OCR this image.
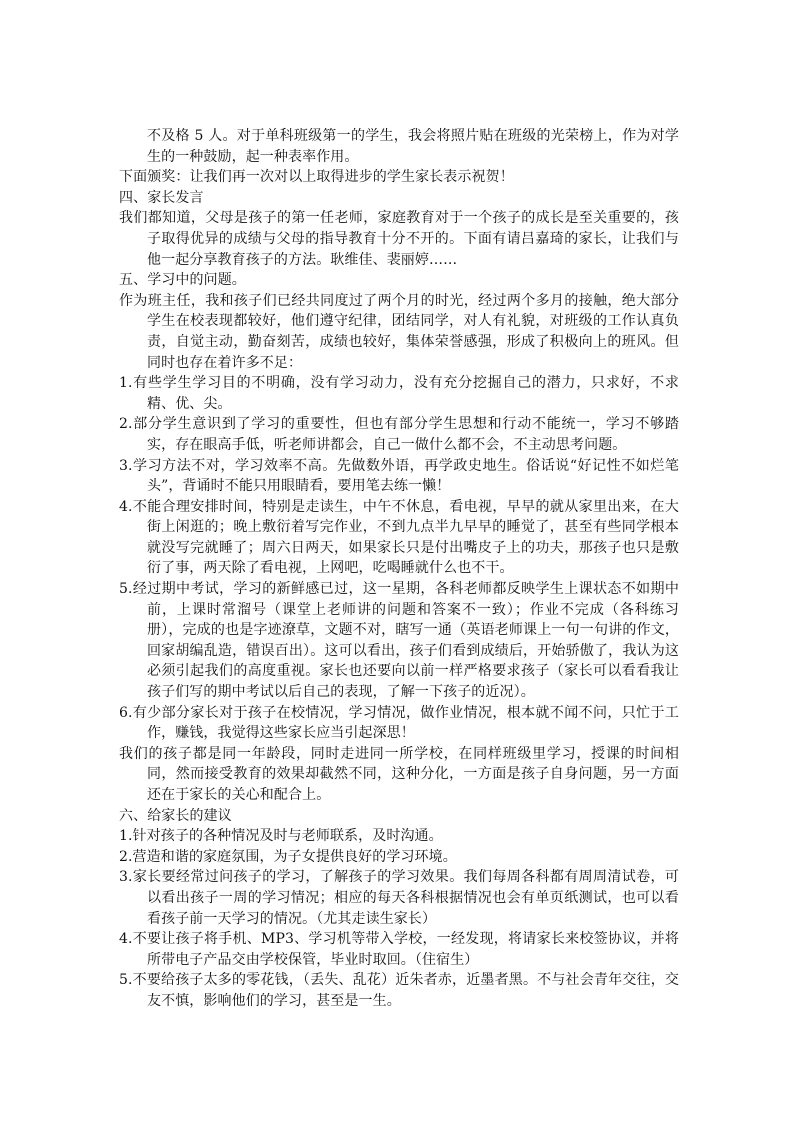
不及格 5 人。对于单科班级第一的学生，我会将照片贴在班级的光荣榜上，作为对学生的一种鼓励，起一种表率作用。

下面颁奖：让我们再一次对以上取得进步的学生家长表示祝贺！

四、家长发言

我们都知道，父母是孩子的第一任老师，家庭教育对于一个孩子的成长是至关重要的，孩子取得优异的成绩与父母的指导教育十分不开的。下面有请吕嘉琦的家长，让我们与他一起分享教育孩子的方法。耿维佳、裴丽婷……

五、学习中的问题。

作为班主任，我和孩子们已经共同度过了两个月的时光，经过两个多月的接触，绝大部分学生在校表现都较好，他们遵守纪律，团结同学，对人有礼貌，对班级的工作认真负责，自觉主动，勤奋刻苦，成绩也较好，集体荣誉感强，形成了积极向上的班风。但同时也存在着许多不足：

1.有些学生学习目的不明确，没有学习动力，没有充分挖掘自己的潜力，只求好，不求精、优、尖。

2.部分学生意识到了学习的重要性，但也有部分学生思想和行动不能统一，学习不够踏实，存在眼高手低，听老师讲都会，自己一做什么都不会，不主动思考问题。

3.学习方法不对，学习效率不高。先做数外语，再学政史地生。俗话说“好记性不如烂笔头”，背诵时不能只用眼睛看，要用笔去练一懒！

4.不能合理安排时间，特别是走读生，中午不休息，看电视，早早的就从家里出来，在大街上闲逛的；晚上敷衍着写完作业，不到九点半九早早的睡觉了，甚至有些同学根本就没写完就睡了；周六日两天，如果家长只是付出嘴皮子上的功夫，那孩子也只是敷衍了事，两天除了看电视，上网吧，吃喝睡就什么也不干。

5.经过期中考试，学习的新鲜感已过，这一星期，各科老师都反映学生上课状态不如期中前，上课时常溜号（课堂上老师讲的问题和答案不一致）；作业不完成（各科练习册），完成的也是字迹潦草，文题不对，瞎写一通（英语老师课上一句一句讲的作文，回家胡编乱造，错误百出）。这可以看出，孩子们看到成绩后，开始骄傲了，我认为这必须引起我们的高度重视。家长也还要向以前一样严格要求孩子（家长可以看看我让孩子们写的期中考试以后自己的表现，了解一下孩子的近况）。

6.有少部分家长对于孩子在校情况，学习情况，做作业情况，根本就不闻不问，只忙于工作，赚钱，我觉得这些家长应当引起深思！

我们的孩子都是同一年龄段，同时走进同一所学校，在同样班级里学习，授课的时间相同，然而接受教育的效果却截然不同，这种分化，一方面是孩子自身问题，另一方面还在于家长的关心和配合上。

六、给家长的建议

1.针对孩子的各种情况及时与老师联系，及时沟通。

2.营造和谐的家庭氛围，为子女提供良好的学习环境。

3.家长要经常过问孩子的学习，了解孩子的学习效果。我们每周各科都有周周清试卷，可以看出孩子一周的学习情况；相应的每天各科根据情况也会有单页纸测试，也可以看看孩子前一天学习的情况。（尤其走读生家长）

4.不要让孩子将手机、MP3、学习机等带入学校，一经发现，将请家长来校签协议，并将所带电子产品交由学校保管，毕业时取回。（住宿生）

5.不要给孩子太多的零花钱，（丢失、乱花）近朱者赤，近墨者黑。不与社会青年交往，交友不慎，影响他们的学习，甚至是一生。
